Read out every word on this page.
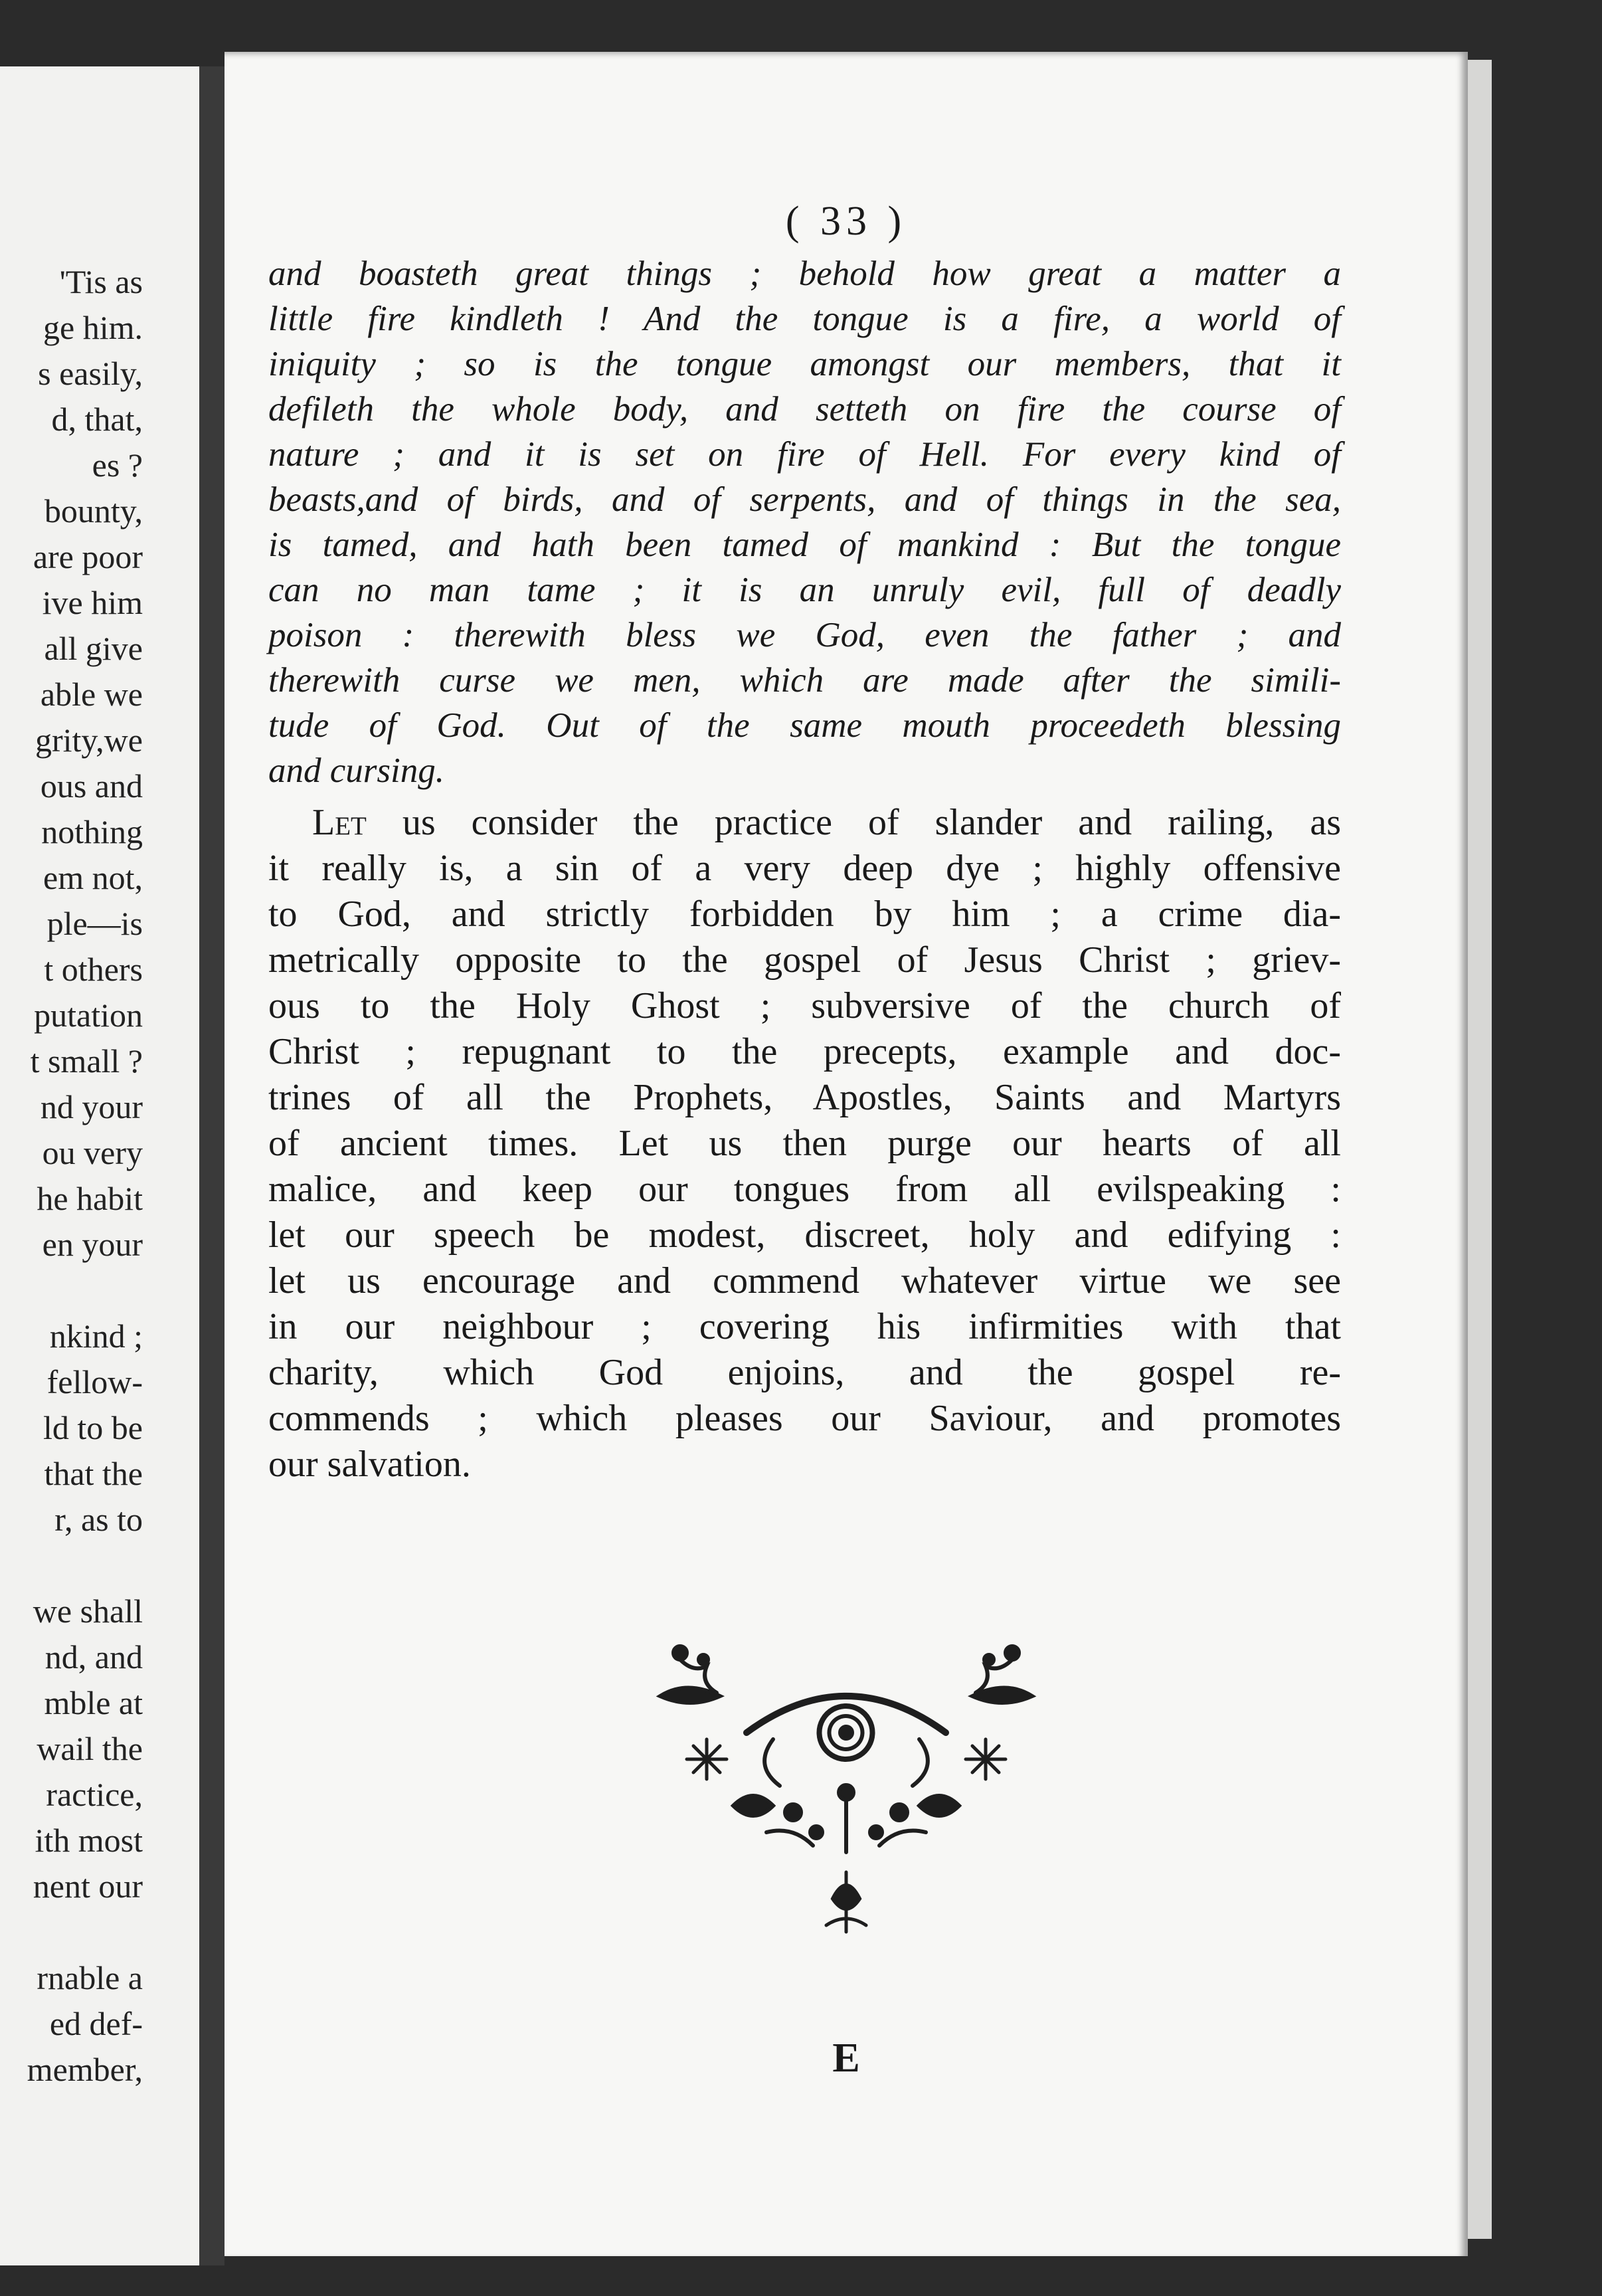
'Tis as
ge him.
s easily,
d, that,
es ?
bounty,
are poor
ive him
all give
able we
grity,we
ous and
nothing
em not,
ple—is
t others
putation
t small ?
nd your
ou very
he habit
en your
nkind ;
fellow-
ld to be
that the
r, as to
we shall
nd, and
mble at
wail the
ractice,
ith most
nent our
rnable a
ed def-
member,
( 33 )
and boasteth great things ; behold how great a matter a
little fire kindleth ! And the tongue is a fire, a world of
iniquity ; so is the tongue amongst our members, that it
defileth the whole body, and setteth on fire the course of
nature ; and it is set on fire of Hell. For every kind of
beasts,and of birds, and of serpents, and of things in the sea,
is tamed, and hath been tamed of mankind : But the tongue
can no man tame ; it is an unruly evil, full of deadly
poison : therewith bless we God, even the father ; and
therewith curse we men, which are made after the simili-
tude of God. Out of the same mouth proceedeth blessing
and cursing.
Let us consider the practice of slander and railing, as
it really is, a sin of a very deep dye ; highly offensive
to God, and strictly forbidden by him ; a crime dia-
metrically opposite to the gospel of Jesus Christ ; griev-
ous to the Holy Ghost ; subversive of the church of
Christ ; repugnant to the precepts, example and doc-
trines of all the Prophets, Apostles, Saints and Martyrs
of ancient times. Let us then purge our hearts of all
malice, and keep our tongues from all evilspeaking :
let our speech be modest, discreet, holy and edifying :
let us encourage and commend whatever virtue we see
in our neighbour ; covering his infirmities with that
charity, which God enjoins, and the gospel re-
commends ; which pleases our Saviour, and promotes
our salvation.
E
